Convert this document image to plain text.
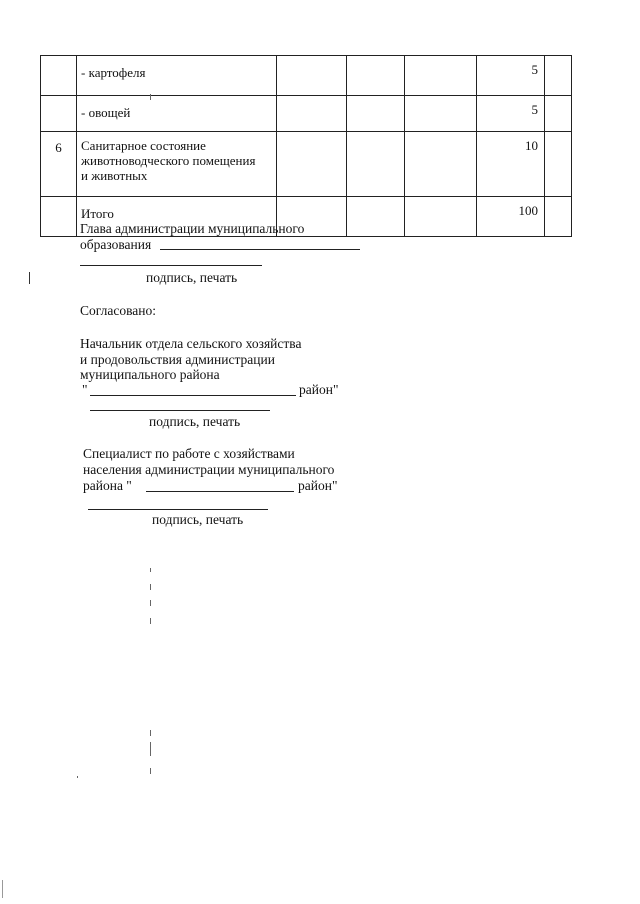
	- картофеля				5	
	- овощей				5	
6	Санитарное состояние
животноводческого помещения
и животных				10	
	Итого				100	
Глава администрации муниципального
образования
подпись, печать
Согласовано:
Начальник отдела сельского хозяйства
и продовольствия администрации
муниципального района
"	район"
подпись, печать
Специалист по работе с хозяйствами
населения администрации муниципального
района "	район"
подпись, печать
